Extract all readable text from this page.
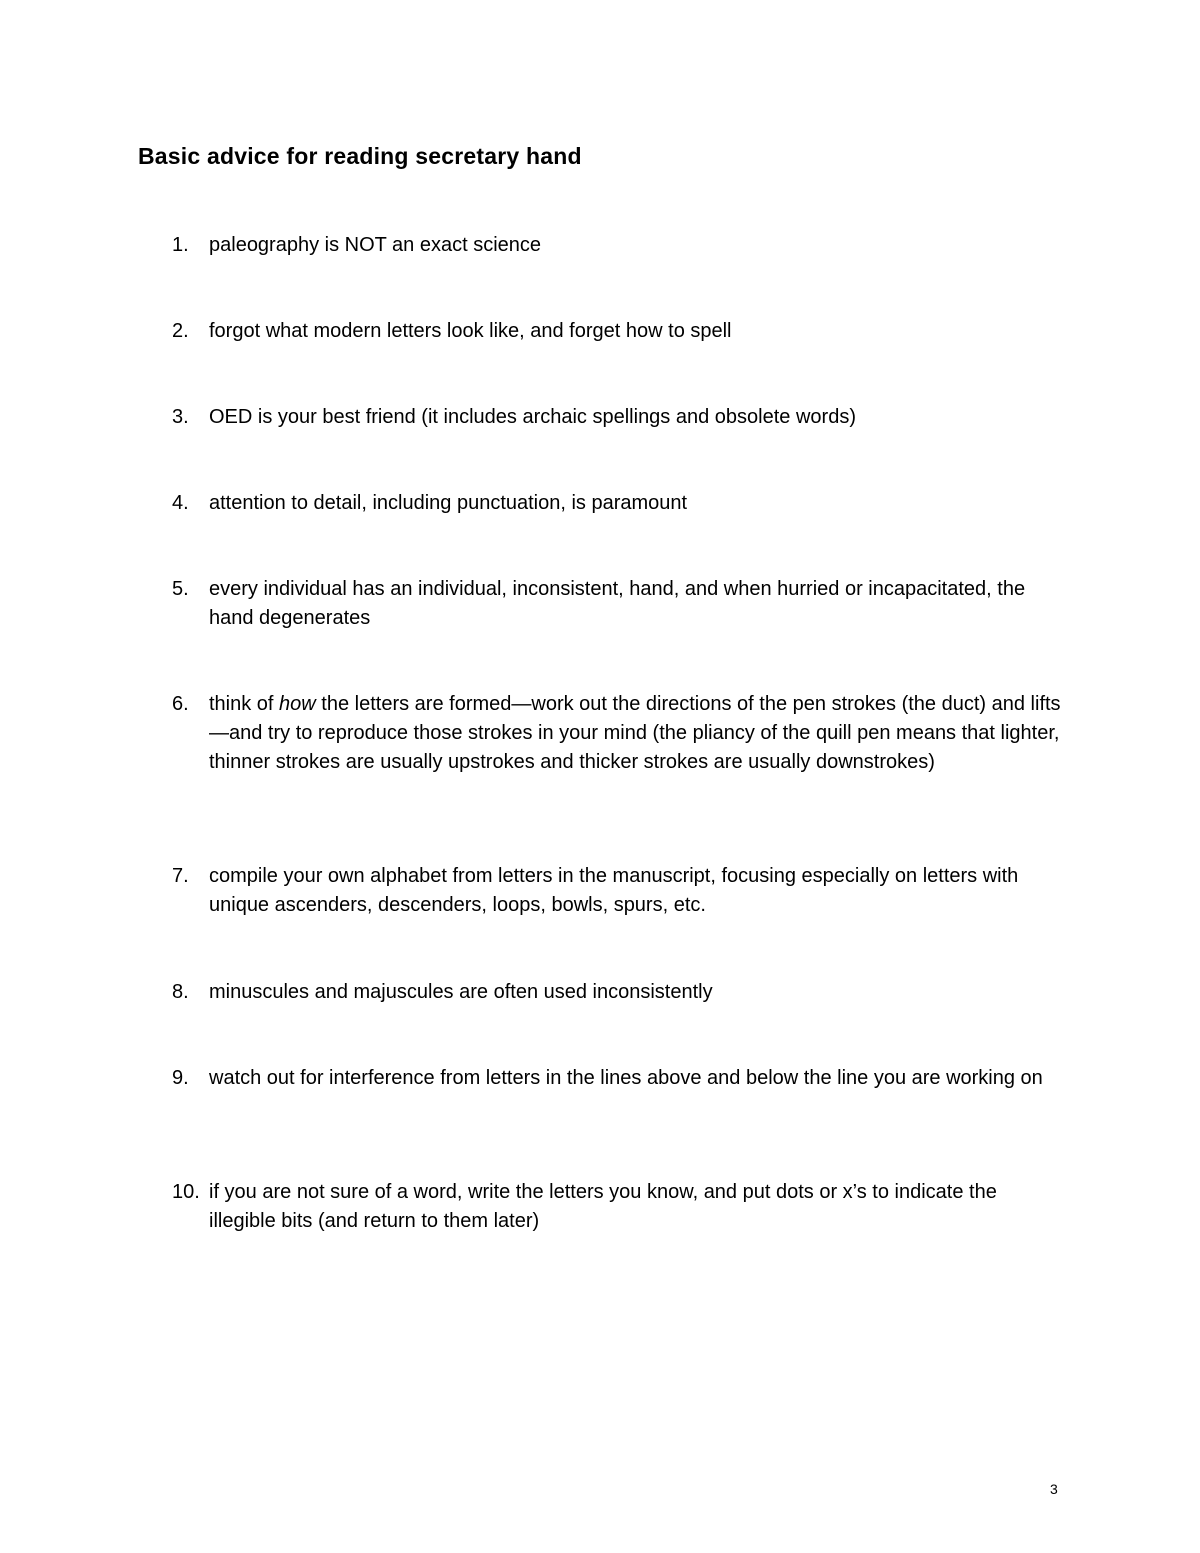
Basic advice for reading secretary hand
1.	paleography is NOT an exact science
2.	forgot what modern letters look like, and forget how to spell
3.	OED is your best friend (it includes archaic spellings and obsolete words)
4.	attention to detail, including punctuation, is paramount
5.	every individual has an individual, inconsistent, hand, and when hurried or incapacitated, the hand degenerates
6.	think of how the letters are formed—work out the directions of the pen strokes (the duct) and lifts—and try to reproduce those strokes in your mind (the pliancy of the quill pen means that lighter, thinner strokes are usually upstrokes and thicker strokes are usually downstrokes)
7.	compile your own alphabet from letters in the manuscript, focusing especially on letters with unique ascenders, descenders, loops, bowls, spurs, etc.
8.	minuscules and majuscules are often used inconsistently
9.	watch out for interference from letters in the lines above and below the line you are working on
10. if you are not sure of a word, write the letters you know, and put dots or x’s to indicate the illegible bits (and return to them later)
3
